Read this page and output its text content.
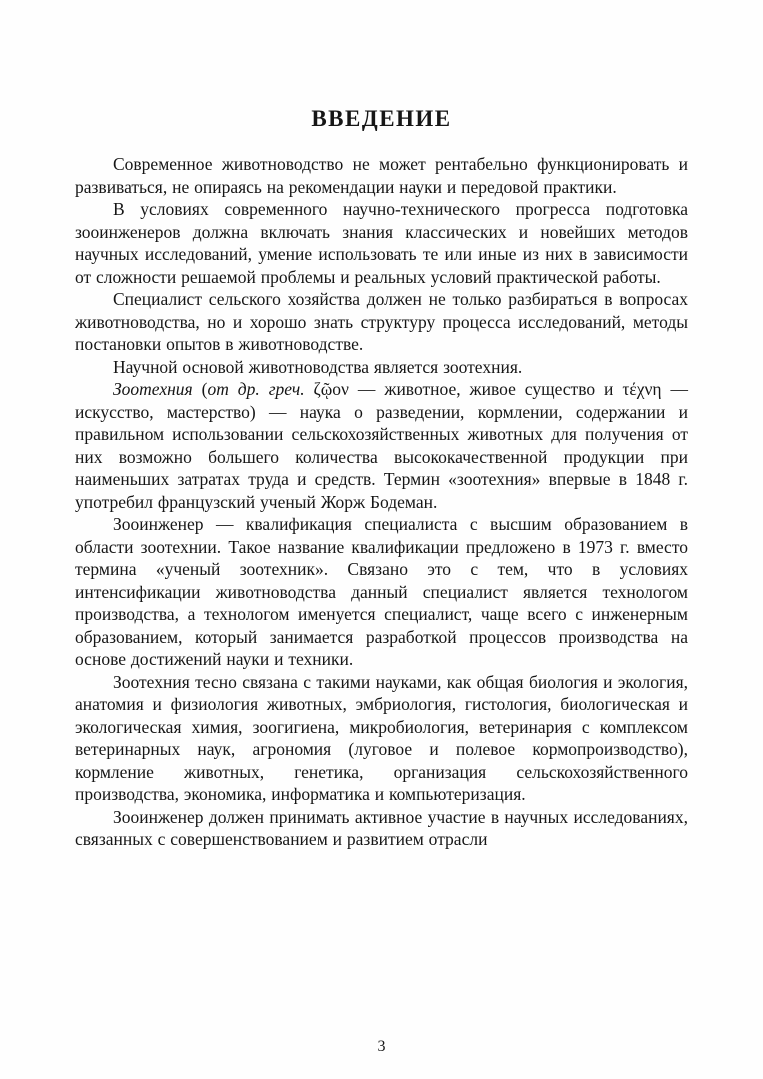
ВВЕДЕНИЕ

Современное животноводство не может рентабельно функционировать и развиваться, не опираясь на рекомендации науки и передовой практики.

В условиях современного научно-технического прогресса подготовка зооинженеров должна включать знания классических и новейших методов научных исследований, умение использовать те или иные из них в зависимости от сложности решаемой проблемы и реальных условий практической работы.

Специалист сельского хозяйства должен не только разбираться в вопросах животноводства, но и хорошо знать структуру процесса исследований, методы постановки опытов в животноводстве.

Научной основой животноводства является зоотехния.

Зоотехния (от др. греч. ζῷον — животное, живое существо и τέχνη — искусство, мастерство) — наука о разведении, кормлении, содержании и правильном использовании сельскохозяйственных животных для получения от них возможно большего количества высококачественной продукции при наименьших затратах труда и средств. Термин «зоотехния» впервые в 1848 г. употребил французский ученый Жорж Бодеман.

Зооинженер — квалификация специалиста с высшим образованием в области зоотехнии. Такое название квалификации предложено в 1973 г. вместо термина «ученый зоотехник». Связано это с тем, что в условиях интенсификации животноводства данный специалист является технологом производства, а технологом именуется специалист, чаще всего с инженерным образованием, который занимается разработкой процессов производства на основе достижений науки и техники.

Зоотехния тесно связана с такими науками, как общая биология и экология, анатомия и физиология животных, эмбриология, гистология, биологическая и экологическая химия, зоогигиена, микробиология, ветеринария с комплексом ветеринарных наук, агрономия (луговое и полевое кормопроизводство), кормление животных, генетика, организация сельскохозяйственного производства, экономика, информатика и компьютеризация.

Зооинженер должен принимать активное участие в научных исследованиях, связанных с совершенствованием и развитием отрасли

3
